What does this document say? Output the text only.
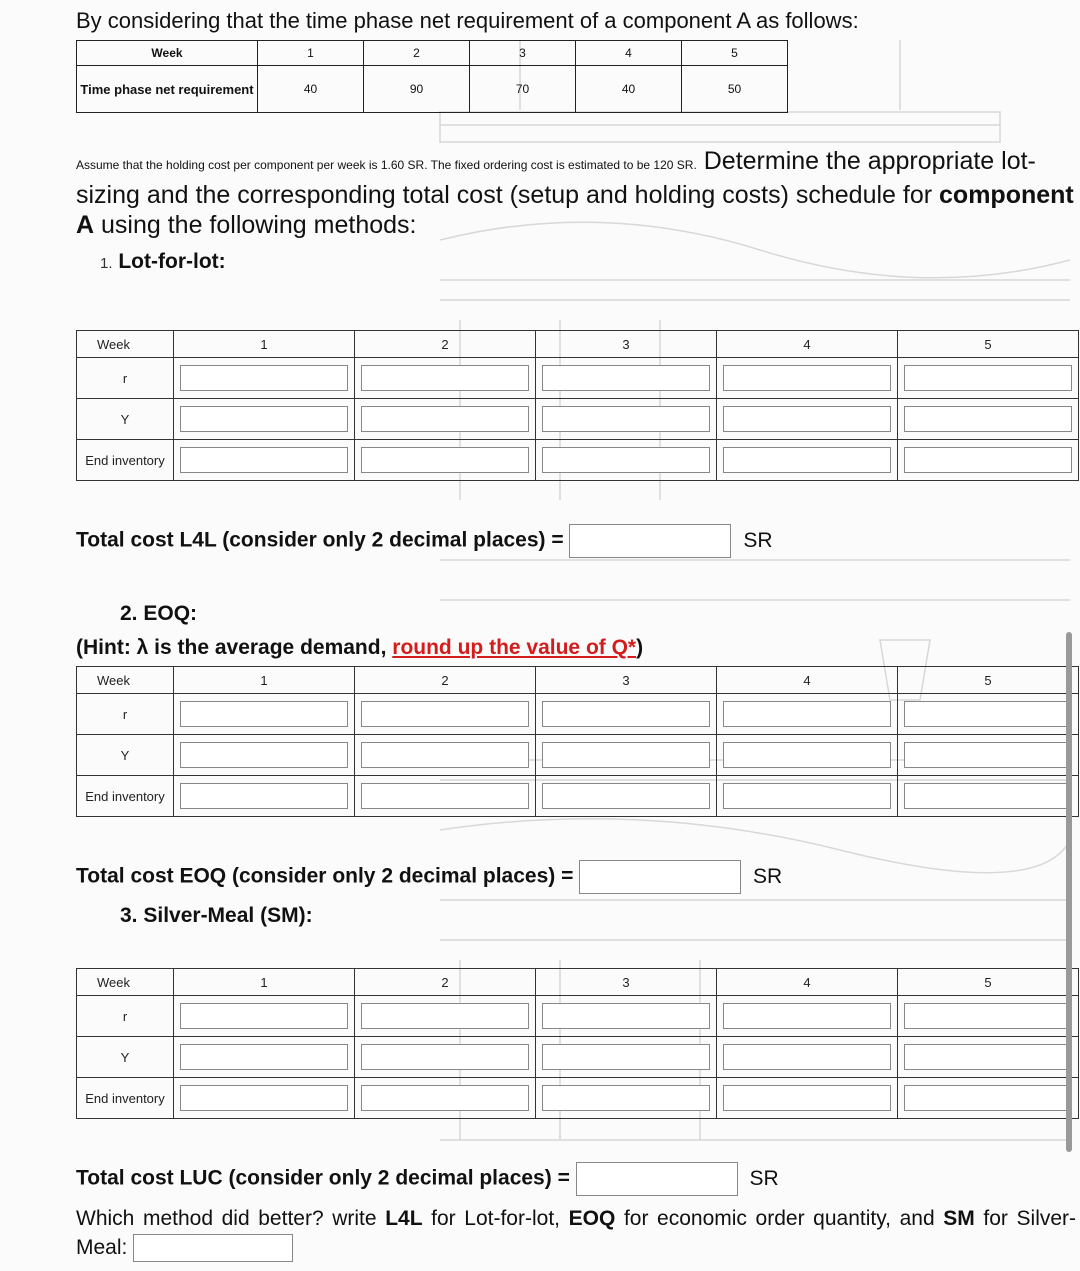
By considering that the time phase net requirement of a component A as follows:
Week	1	2	3	4	5
Time phase net requirement	40	90	70	40	50
Assume that the holding cost per component per week is 1.60 SR. The fixed ordering cost is estimated to be 120 SR. Determine the appropriate lot-sizing and the corresponding total cost (setup and holding costs) schedule for component A using the following methods:
1. Lot-for-lot:
Week	1	2	3	4	5
r	

Y	

End inventory	

Total cost L4L (consider only 2 decimal places) =	SR
2. EOQ:
(Hint: λ is the average demand, round up the value of Q*)
Week	1	2	3	4	5
r	

Y	

End inventory	

Total cost EOQ (consider only 2 decimal places) =	SR
3. Silver-Meal (SM):
Week	1	2	3	4	5
r	

Y	

End inventory	

Total cost LUC (consider only 2 decimal places) =	SR
Which method did better? write L4L for Lot-for-lot, EOQ for economic order quantity, and SM for Silver-Meal:
